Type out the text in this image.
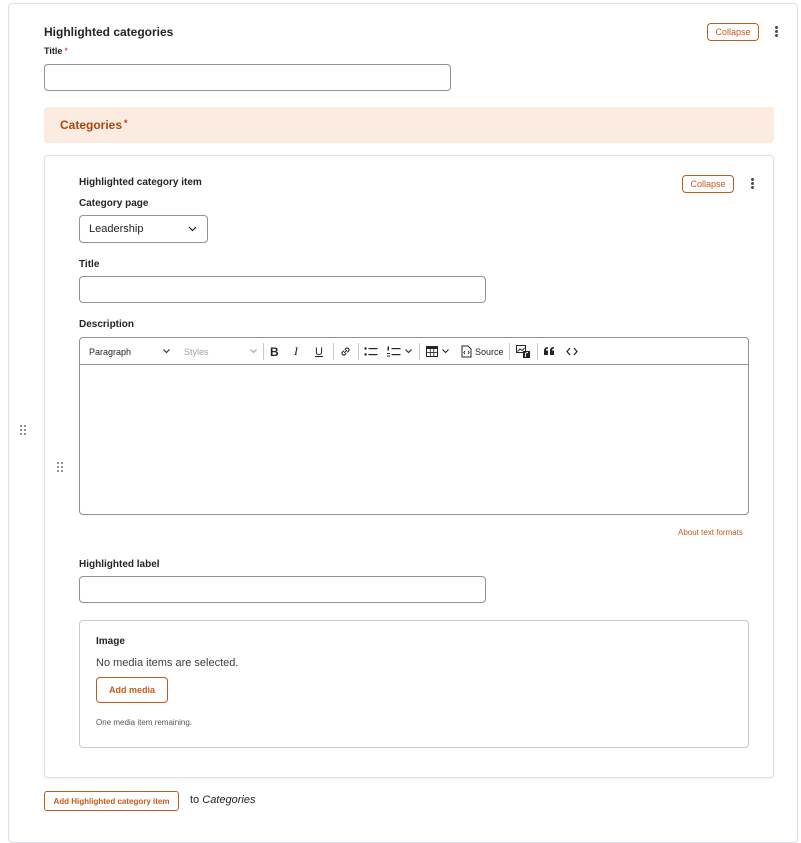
Highlighted categories	Collapse
Title *
Categories *
Highlighted category item	Collapse
Category page
Leadership
Title
Description
Paragraph	Styles	B I U	Source
About text formats
Highlighted label
Image
No media items are selected.
Add media
One media item remaining.
Add Highlighted category item	to Categories
